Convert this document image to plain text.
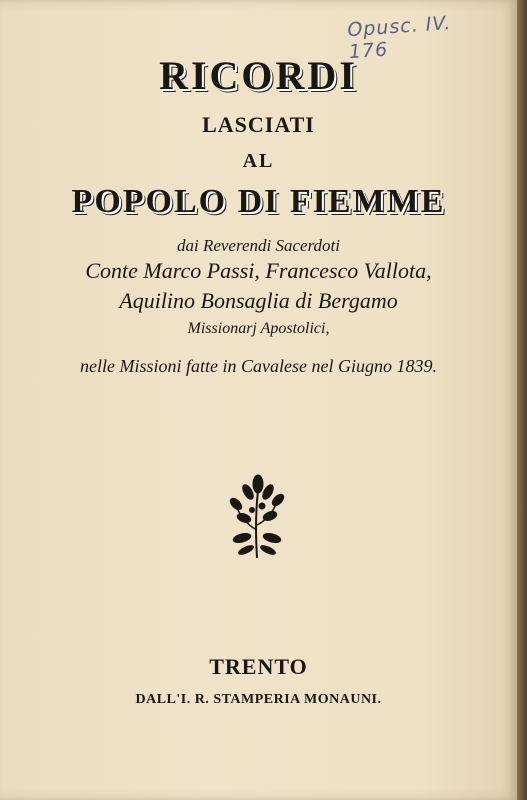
Opusc. IV. 176
RICORDI
LASCIATI
AL
POPOLO DI FIEMME
dai Reverendi Sacerdoti
Conte Marco Passi, Francesco Vallota,
Aquilino Bonsaglia di Bergamo
Missionarj Apostolici,
nelle Missioni fatte in Cavalese nel Giugno 1839.
TRENTO
DALL'I. R. STAMPERIA MONAUNI.
